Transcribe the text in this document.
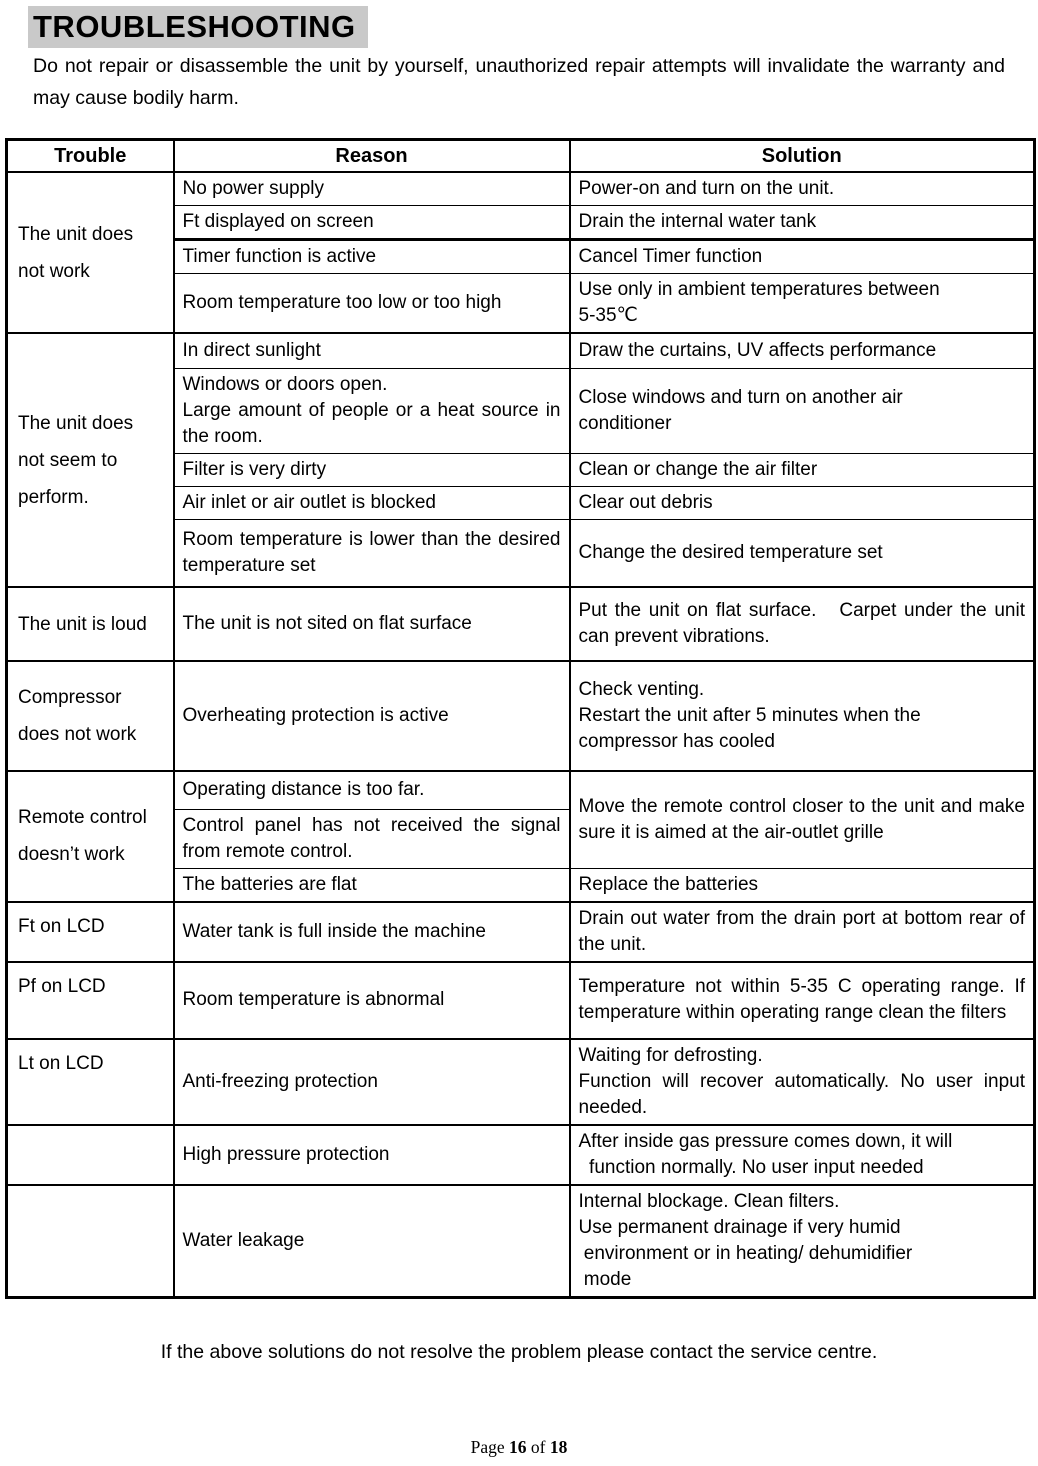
TROUBLESHOOTING

Do not repair or disassemble the unit by yourself, unauthorized repair attempts will invalidate the warranty and may cause bodily harm.

Trouble	Reason	Solution

The unit does
not work	No power supply	Power-on and turn on the unit.

	Ft displayed on screen	Drain the internal water tank

	Timer function is active	Cancel Timer function

	Room temperature too low or too high	Use only in ambient temperatures between
5-35℃

The unit does
not seem to
perform.	In direct sunlight	Draw the curtains, UV affects performance

	Windows or doors open.
Large amount of people or a heat source in the room.	Close windows and turn on another air
conditioner

	Filter is very dirty	Clean or change the air filter

	Air inlet or air outlet is blocked	Clear out debris

	Room temperature is lower than the desired temperature set	Change the desired temperature set

The unit is loud	The unit is not sited on flat surface	Put the unit on flat surface.   Carpet under the unit can prevent vibrations.

Compressor
does not work	Overheating protection is active	Check venting.
Restart the unit after 5 minutes when the
compressor has cooled

Remote control
doesn’t work	Operating distance is too far.	Move the remote control closer to the unit and make sure it is aimed at the air-outlet grille

	Control panel has not received the signal from remote control.	

	The batteries are flat	Replace the batteries

Ft on LCD	Water tank is full inside the machine	Drain out water from the drain port at bottom rear of the unit.

Pf on LCD	Room temperature is abnormal	Temperature not within 5-35 C operating range. If temperature within operating range clean the filters

Lt on LCD	Anti-freezing protection	Waiting for defrosting.
Function will recover automatically. No user input needed.

	High pressure protection	After inside gas pressure comes down, it will
function normally. No user input needed

	Water leakage	Internal blockage. Clean filters.
Use permanent drainage if very humid
environment or in heating/ dehumidifier
mode

If the above solutions do not resolve the problem please contact the service centre.

Page 16 of 18
